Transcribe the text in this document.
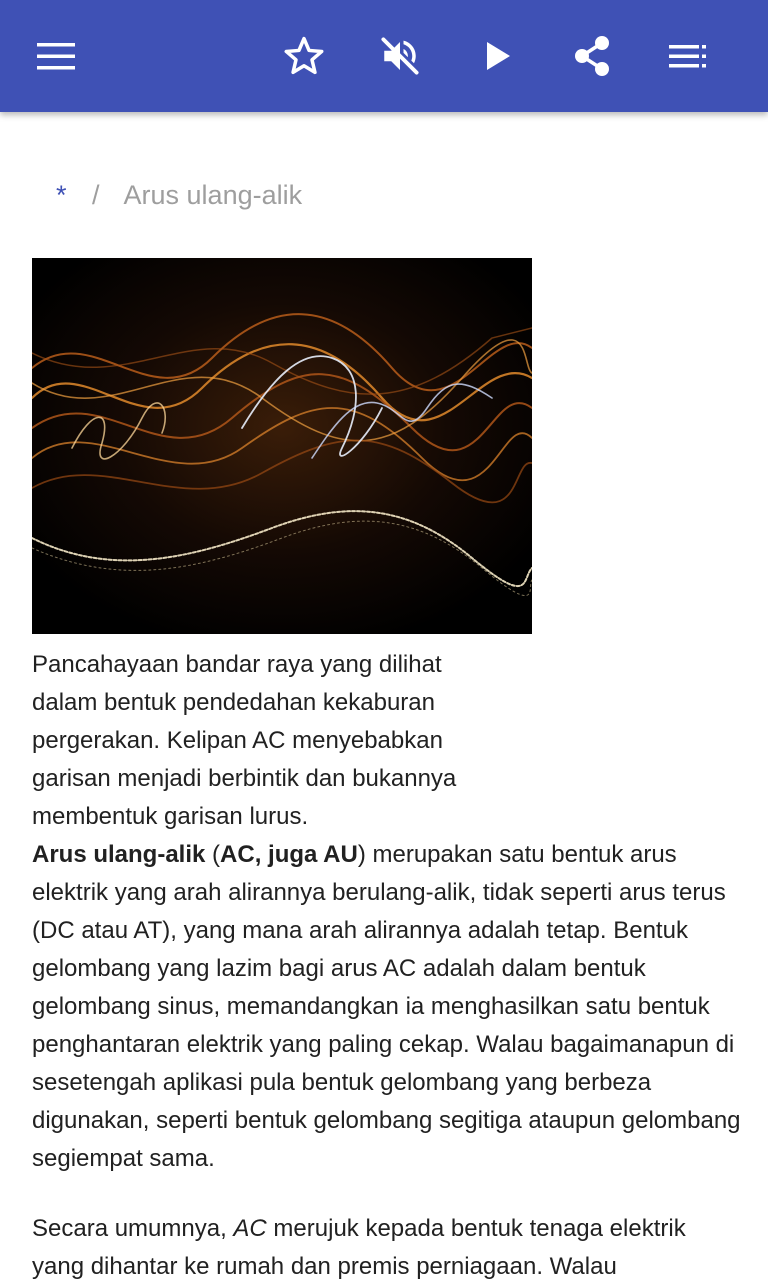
* / Arus ulang-alik
Pancahayaan bandar raya yang dilihat dalam bentuk pendedahan kekaburan pergerakan. Kelipan AC menyebabkan garisan menjadi berbintik dan bukannya membentuk garisan lurus.

Arus ulang-alik (AC, juga AU) merupakan satu bentuk arus elektrik yang arah alirannya berulang-alik, tidak seperti arus terus (DC atau AT), yang mana arah alirannya adalah tetap. Bentuk gelombang yang lazim bagi arus AC adalah dalam bentuk gelombang sinus, memandangkan ia menghasilkan satu bentuk penghantaran elektrik yang paling cekap. Walau bagaimanapun di sesetengah aplikasi pula bentuk gelombang yang berbeza digunakan, seperti bentuk gelombang segitiga ataupun gelombang segiempat sama.

Secara umumnya, AC merujuk kepada bentuk tenaga elektrik yang dihantar ke rumah dan premis perniagaan. Walau
